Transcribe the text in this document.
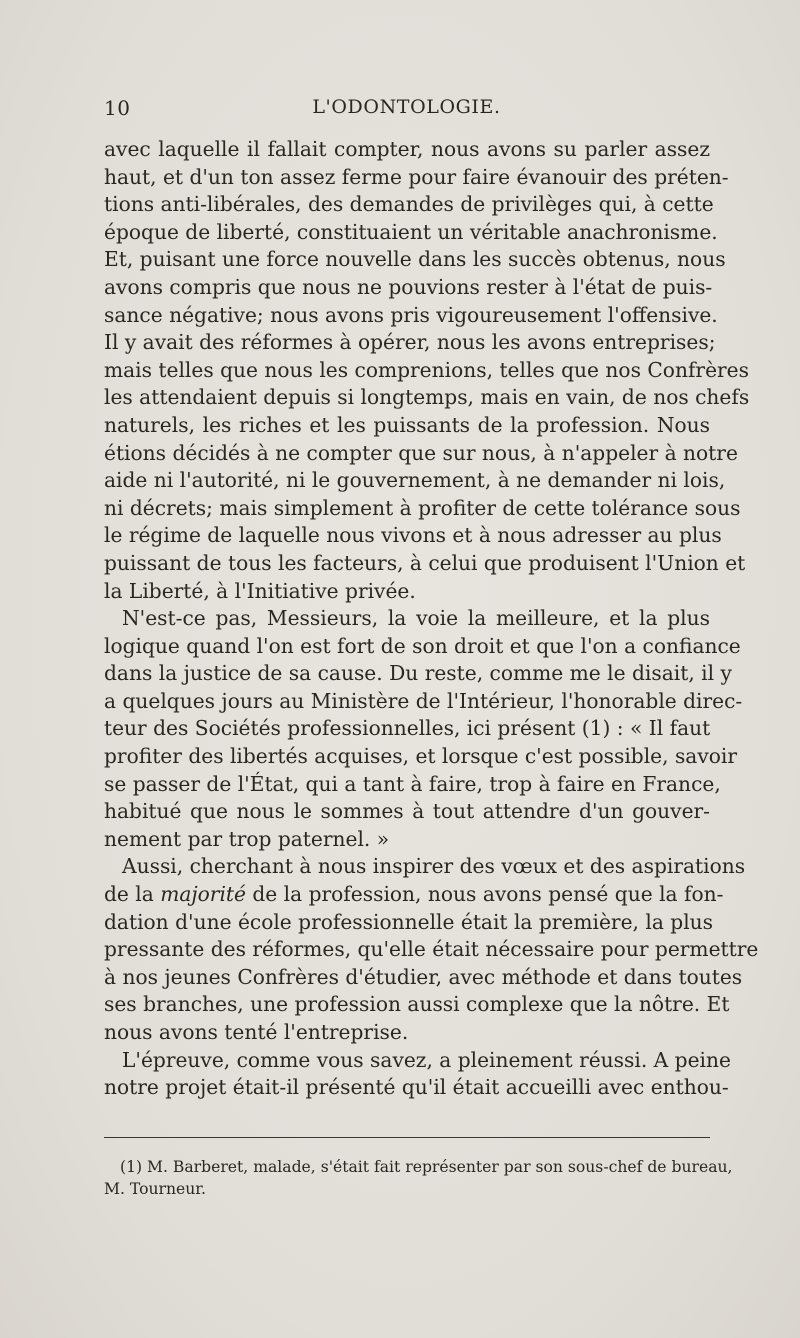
10	L'ODONTOLOGIE.

avec laquelle il fallait compter, nous avons su parler assez
haut, et d'un ton assez ferme pour faire évanouir des préten-
tions anti-libérales, des demandes de privilèges qui, à cette
époque de liberté, constituaient un véritable anachronisme.
Et, puisant une force nouvelle dans les succès obtenus, nous
avons compris que nous ne pouvions rester à l'état de puis-
sance négative; nous avons pris vigoureusement l'offensive.
Il y avait des réformes à opérer, nous les avons entreprises;
mais telles que nous les comprenions, telles que nos Confrères
les attendaient depuis si longtemps, mais en vain, de nos chefs
naturels, les riches et les puissants de la profession. Nous
étions décidés à ne compter que sur nous, à n'appeler à notre
aide ni l'autorité, ni le gouvernement, à ne demander ni lois,
ni décrets; mais simplement à profiter de cette tolérance sous
le régime de laquelle nous vivons et à nous adresser au plus
puissant de tous les facteurs, à celui que produisent l'Union et
la Liberté, à l'Initiative privée.

N'est-ce pas, Messieurs, la voie la meilleure, et la plus
logique quand l'on est fort de son droit et que l'on a confiance
dans la justice de sa cause. Du reste, comme me le disait, il y
a quelques jours au Ministère de l'Intérieur, l'honorable direc-
teur des Sociétés professionnelles, ici présent (1) : « Il faut
profiter des libertés acquises, et lorsque c'est possible, savoir
se passer de l'État, qui a tant à faire, trop à faire en France,
habitué que nous le sommes à tout attendre d'un gouver-
nement par trop paternel. »

Aussi, cherchant à nous inspirer des vœux et des aspirations
de la majorité de la profession, nous avons pensé que la fon-
dation d'une école professionnelle était la première, la plus
pressante des réformes, qu'elle était nécessaire pour permettre
à nos jeunes Confrères d'étudier, avec méthode et dans toutes
ses branches, une profession aussi complexe que la nôtre. Et
nous avons tenté l'entreprise.

L'épreuve, comme vous savez, a pleinement réussi. A peine
notre projet était-il présenté qu'il était accueilli avec enthou-

(1) M. Barberet, malade, s'était fait représenter par son sous-chef de bureau,
M. Tourneur.
